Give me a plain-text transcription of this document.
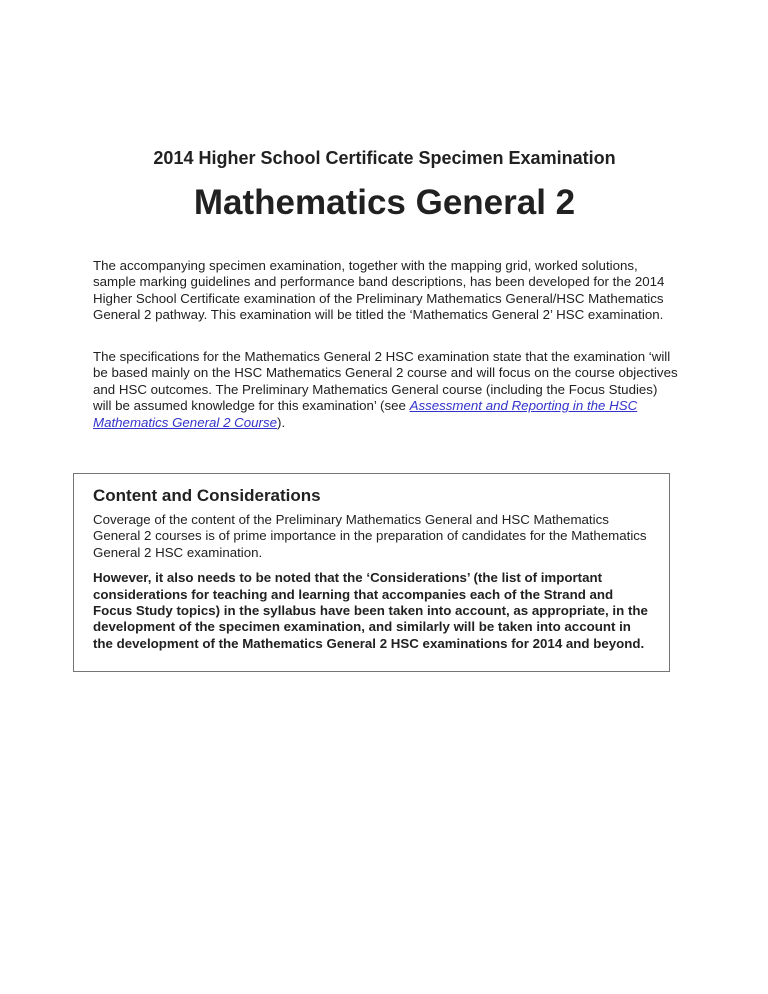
2014 Higher School Certificate Specimen Examination
Mathematics General 2

The accompanying specimen examination, together with the mapping grid, worked solutions, sample marking guidelines and performance band descriptions, has been developed for the 2014 Higher School Certificate examination of the Preliminary Mathematics General/HSC Mathematics General 2 pathway. This examination will be titled the ‘Mathematics General 2’ HSC examination.

The specifications for the Mathematics General 2 HSC examination state that the examination ‘will be based mainly on the HSC Mathematics General 2 course and will focus on the course objectives and HSC outcomes. The Preliminary Mathematics General course (including the Focus Studies) will be assumed knowledge for this examination’ (see Assessment and Reporting in the HSC Mathematics General 2 Course).

Content and Considerations

Coverage of the content of the Preliminary Mathematics General and HSC Mathematics General 2 courses is of prime importance in the preparation of candidates for the Mathematics General 2 HSC examination.

However, it also needs to be noted that the ‘Considerations’ (the list of important considerations for teaching and learning that accompanies each of the Strand and Focus Study topics) in the syllabus have been taken into account, as appropriate, in the development of the specimen examination, and similarly will be taken into account in the development of the Mathematics General 2 HSC examinations for 2014 and beyond.
